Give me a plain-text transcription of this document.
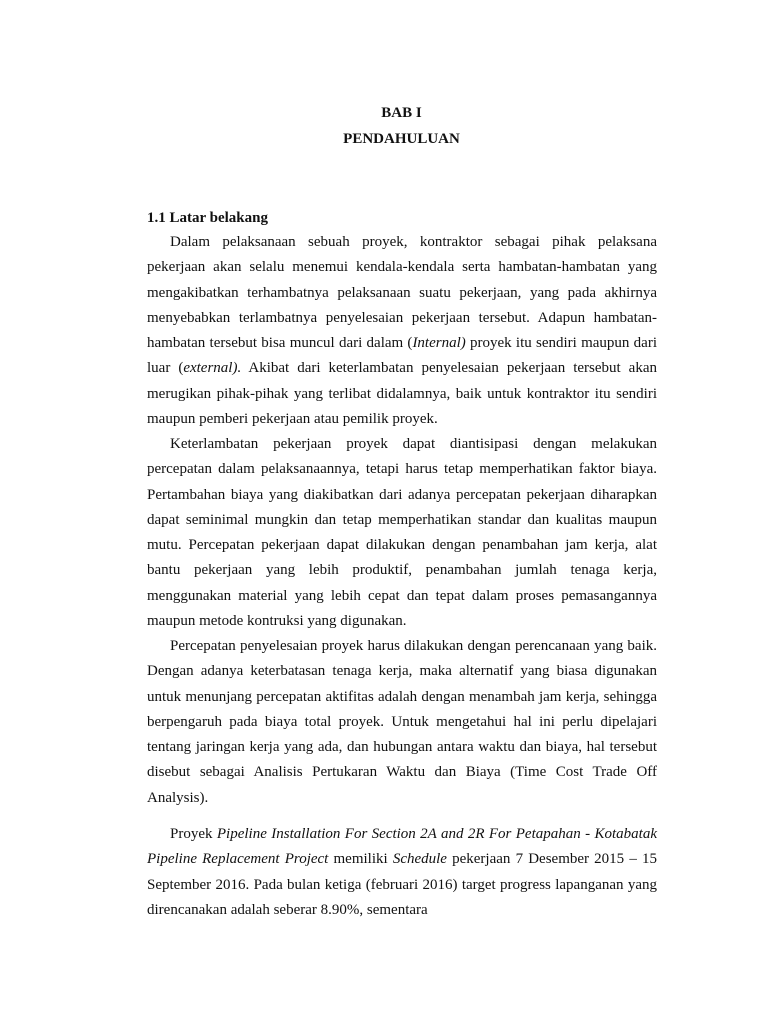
BAB I
PENDAHULUAN
1.1 Latar belakang

Dalam pelaksanaan sebuah proyek, kontraktor sebagai pihak pelaksana pekerjaan akan selalu menemui kendala-kendala serta hambatan-hambatan yang mengakibatkan terhambatnya pelaksanaan suatu pekerjaan, yang pada akhirnya menyebabkan terlambatnya penyelesaian pekerjaan tersebut. Adapun hambatan-hambatan tersebut bisa muncul dari dalam (Internal) proyek itu sendiri maupun dari luar (external). Akibat dari keterlambatan penyelesaian pekerjaan tersebut akan merugikan pihak-pihak yang terlibat didalamnya, baik untuk kontraktor itu sendiri maupun pemberi pekerjaan atau pemilik proyek.

Keterlambatan pekerjaan proyek dapat diantisipasi dengan melakukan percepatan dalam pelaksanaannya, tetapi harus tetap memperhatikan faktor biaya. Pertambahan biaya yang diakibatkan dari adanya percepatan pekerjaan diharapkan dapat seminimal mungkin dan tetap memperhatikan standar dan kualitas maupun mutu. Percepatan pekerjaan dapat dilakukan dengan penambahan jam kerja, alat bantu pekerjaan yang lebih produktif, penambahan jumlah tenaga kerja, menggunakan material yang lebih cepat dan tepat dalam proses pemasangannya maupun metode kontruksi yang digunakan.

Percepatan penyelesaian proyek harus dilakukan dengan perencanaan yang baik. Dengan adanya keterbatasan tenaga kerja, maka alternatif yang biasa digunakan untuk menunjang percepatan aktifitas adalah dengan menambah jam kerja, sehingga berpengaruh pada biaya total proyek. Untuk mengetahui hal ini perlu dipelajari tentang jaringan kerja yang ada, dan hubungan antara waktu dan biaya, hal tersebut disebut sebagai Analisis Pertukaran Waktu dan Biaya (Time Cost Trade Off Analysis).

Proyek Pipeline Installation For Section 2A and 2R For Petapahan - Kotabatak Pipeline Replacement Project memiliki Schedule pekerjaan 7 Desember 2015 – 15 September 2016. Pada bulan ketiga (februari 2016) target progress lapanganan yang direncanakan adalah seberar 8.90%, sementara
